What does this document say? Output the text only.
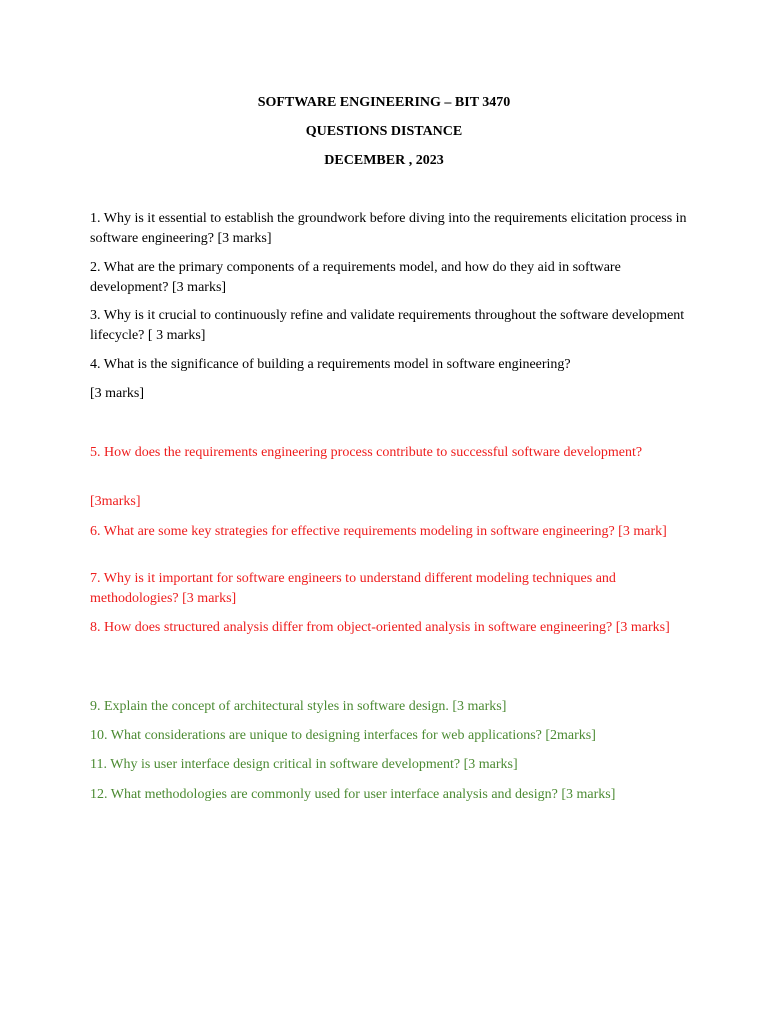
SOFTWARE ENGINEERING – BIT 3470
QUESTIONS DISTANCE
DECEMBER , 2023

1. Why is it essential to establish the groundwork before diving into the requirements elicitation process in software engineering? [3 marks]

2. What are the primary components of a requirements model, and how do they aid in software development? [3 marks]

3. Why is it crucial to continuously refine and validate requirements throughout the software development lifecycle? [ 3 marks]

4. What is the significance of building a requirements model in software engineering?

[3 marks]

5. How does the requirements engineering process contribute to successful software development?

[3marks]

6. What are some key strategies for effective requirements modeling in software engineering? [3 mark]

7. Why is it important for software engineers to understand different modeling techniques and methodologies? [3 marks]

8. How does structured analysis differ from object-oriented analysis in software engineering? [3 marks]

9. Explain the concept of architectural styles in software design. [3 marks]

10. What considerations are unique to designing interfaces for web applications? [2marks]

11. Why is user interface design critical in software development? [3 marks]

12. What methodologies are commonly used for user interface analysis and design? [3 marks]
